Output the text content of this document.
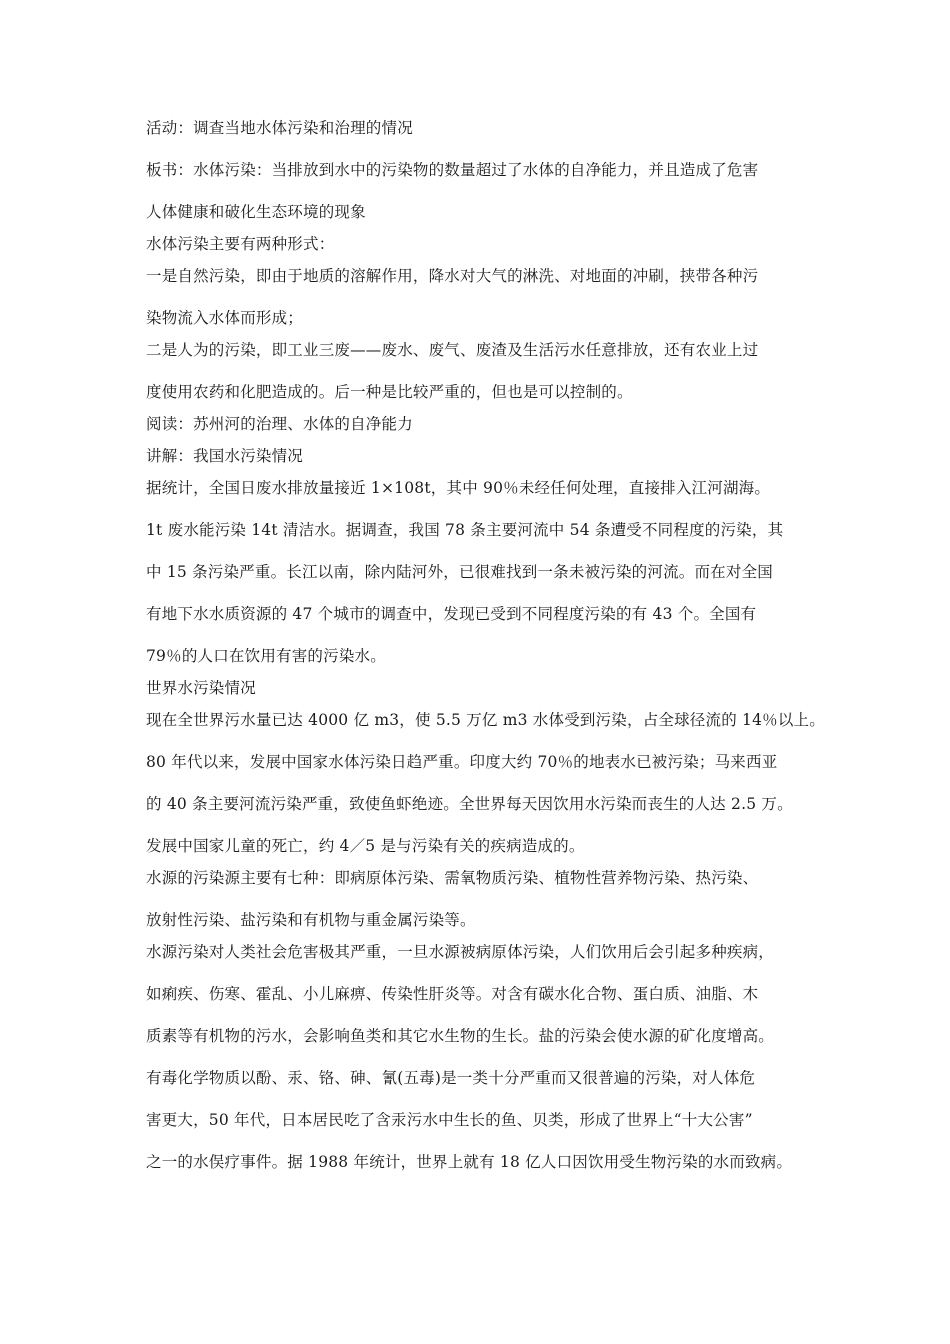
活动：调查当地水体污染和治理的情况
板书：水体污染：当排放到水中的污染物的数量超过了水体的自净能力，并且造成了危害
人体健康和破化生态环境的现象
水体污染主要有两种形式：
一是自然污染，即由于地质的溶解作用，降水对大气的淋洗、对地面的冲刷，挟带各种污
染物流入水体而形成；
二是人为的污染，即工业三废——废水、废气、废渣及生活污水任意排放，还有农业上过
度使用农药和化肥造成的。后一种是比较严重的，但也是可以控制的。
阅读：苏州河的治理、水体的自净能力
讲解：我国水污染情况
据统计，全国日废水排放量接近 1×108t，其中 90％未经任何处理，直接排入江河湖海。
1t 废水能污染 14t 清洁水。据调查，我国 78 条主要河流中 54 条遭受不同程度的污染，其
中 15 条污染严重。长江以南，除内陆河外，已很难找到一条未被污染的河流。而在对全国
有地下水水质资源的 47 个城市的调查中，发现已受到不同程度污染的有 43 个。全国有
79％的人口在饮用有害的污染水。
世界水污染情况
现在全世界污水量已达 4000 亿 m3，使 5.5 万亿 m3 水体受到污染，占全球径流的 14％以上。
80 年代以来，发展中国家水体污染日趋严重。印度大约 70％的地表水已被污染；马来西亚
的 40 条主要河流污染严重，致使鱼虾绝迹。全世界每天因饮用水污染而丧生的人达 2.5 万。
发展中国家儿童的死亡，约 4／5 是与污染有关的疾病造成的。
水源的污染源主要有七种：即病原体污染、需氧物质污染、植物性营养物污染、热污染、
放射性污染、盐污染和有机物与重金属污染等。
水源污染对人类社会危害极其严重，一旦水源被病原体污染，人们饮用后会引起多种疾病，
如痢疾、伤寒、霍乱、小儿麻痹、传染性肝炎等。对含有碳水化合物、蛋白质、油脂、木
质素等有机物的污水，会影响鱼类和其它水生物的生长。盐的污染会使水源的矿化度增高。
有毒化学物质以酚、汞、铬、砷、氰(五毒)是一类十分严重而又很普遍的污染，对人体危
害更大，50 年代，日本居民吃了含汞污水中生长的鱼、贝类，形成了世界上“十大公害”
之一的水俣疗事件。据 1988 年统计，世界上就有 18 亿人口因饮用受生物污染的水而致病。
